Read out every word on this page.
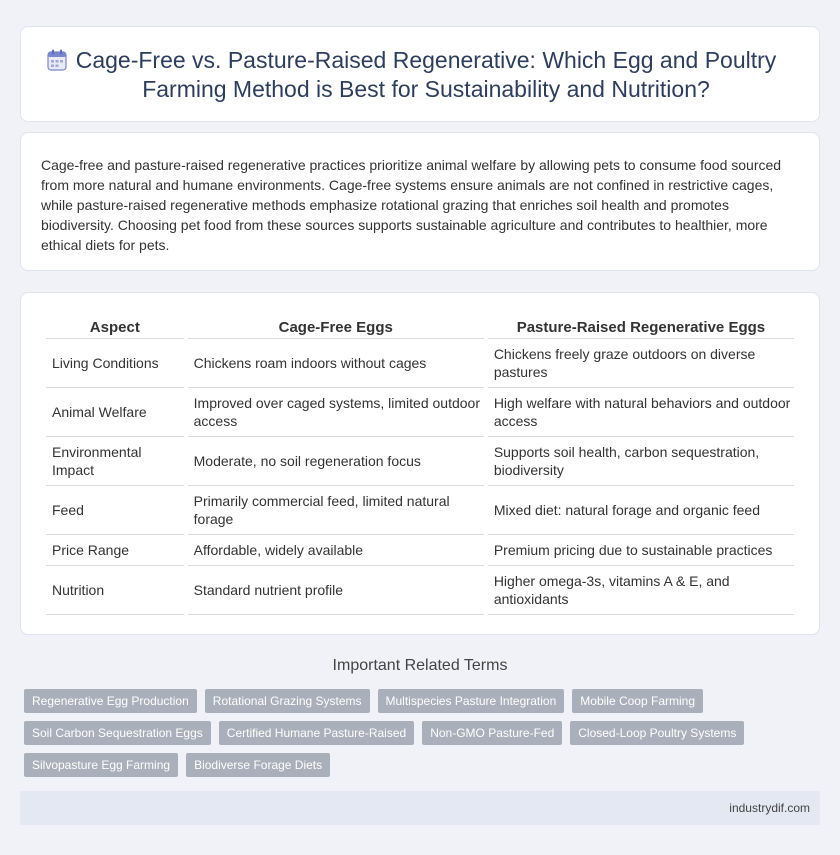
Cage-Free vs. Pasture-Raised Regenerative: Which Egg and Poultry Farming Method is Best for Sustainability and Nutrition?

Cage-free and pasture-raised regenerative practices prioritize animal welfare by allowing pets to consume food sourced from more natural and humane environments. Cage-free systems ensure animals are not confined in restrictive cages, while pasture-raised regenerative methods emphasize rotational grazing that enriches soil health and promotes biodiversity. Choosing pet food from these sources supports sustainable agriculture and contributes to healthier, more ethical diets for pets.

Aspect	Cage-Free Eggs	Pasture-Raised Regenerative Eggs
Living Conditions	Chickens roam indoors without cages	Chickens freely graze outdoors on diverse pastures
Animal Welfare	Improved over caged systems, limited outdoor access	High welfare with natural behaviors and outdoor access
Environmental Impact	Moderate, no soil regeneration focus	Supports soil health, carbon sequestration, biodiversity
Feed	Primarily commercial feed, limited natural forage	Mixed diet: natural forage and organic feed
Price Range	Affordable, widely available	Premium pricing due to sustainable practices
Nutrition	Standard nutrient profile	Higher omega-3s, vitamins A & E, and antioxidants
Important Related Terms
Regenerative Egg Production	Rotational Grazing Systems	Multispecies Pasture Integration	Mobile Coop Farming
Soil Carbon Sequestration Eggs	Certified Humane Pasture-Raised	Non-GMO Pasture-Fed	Closed-Loop Poultry Systems
Silvopasture Egg Farming	Biodiverse Forage Diets
industrydif.com
